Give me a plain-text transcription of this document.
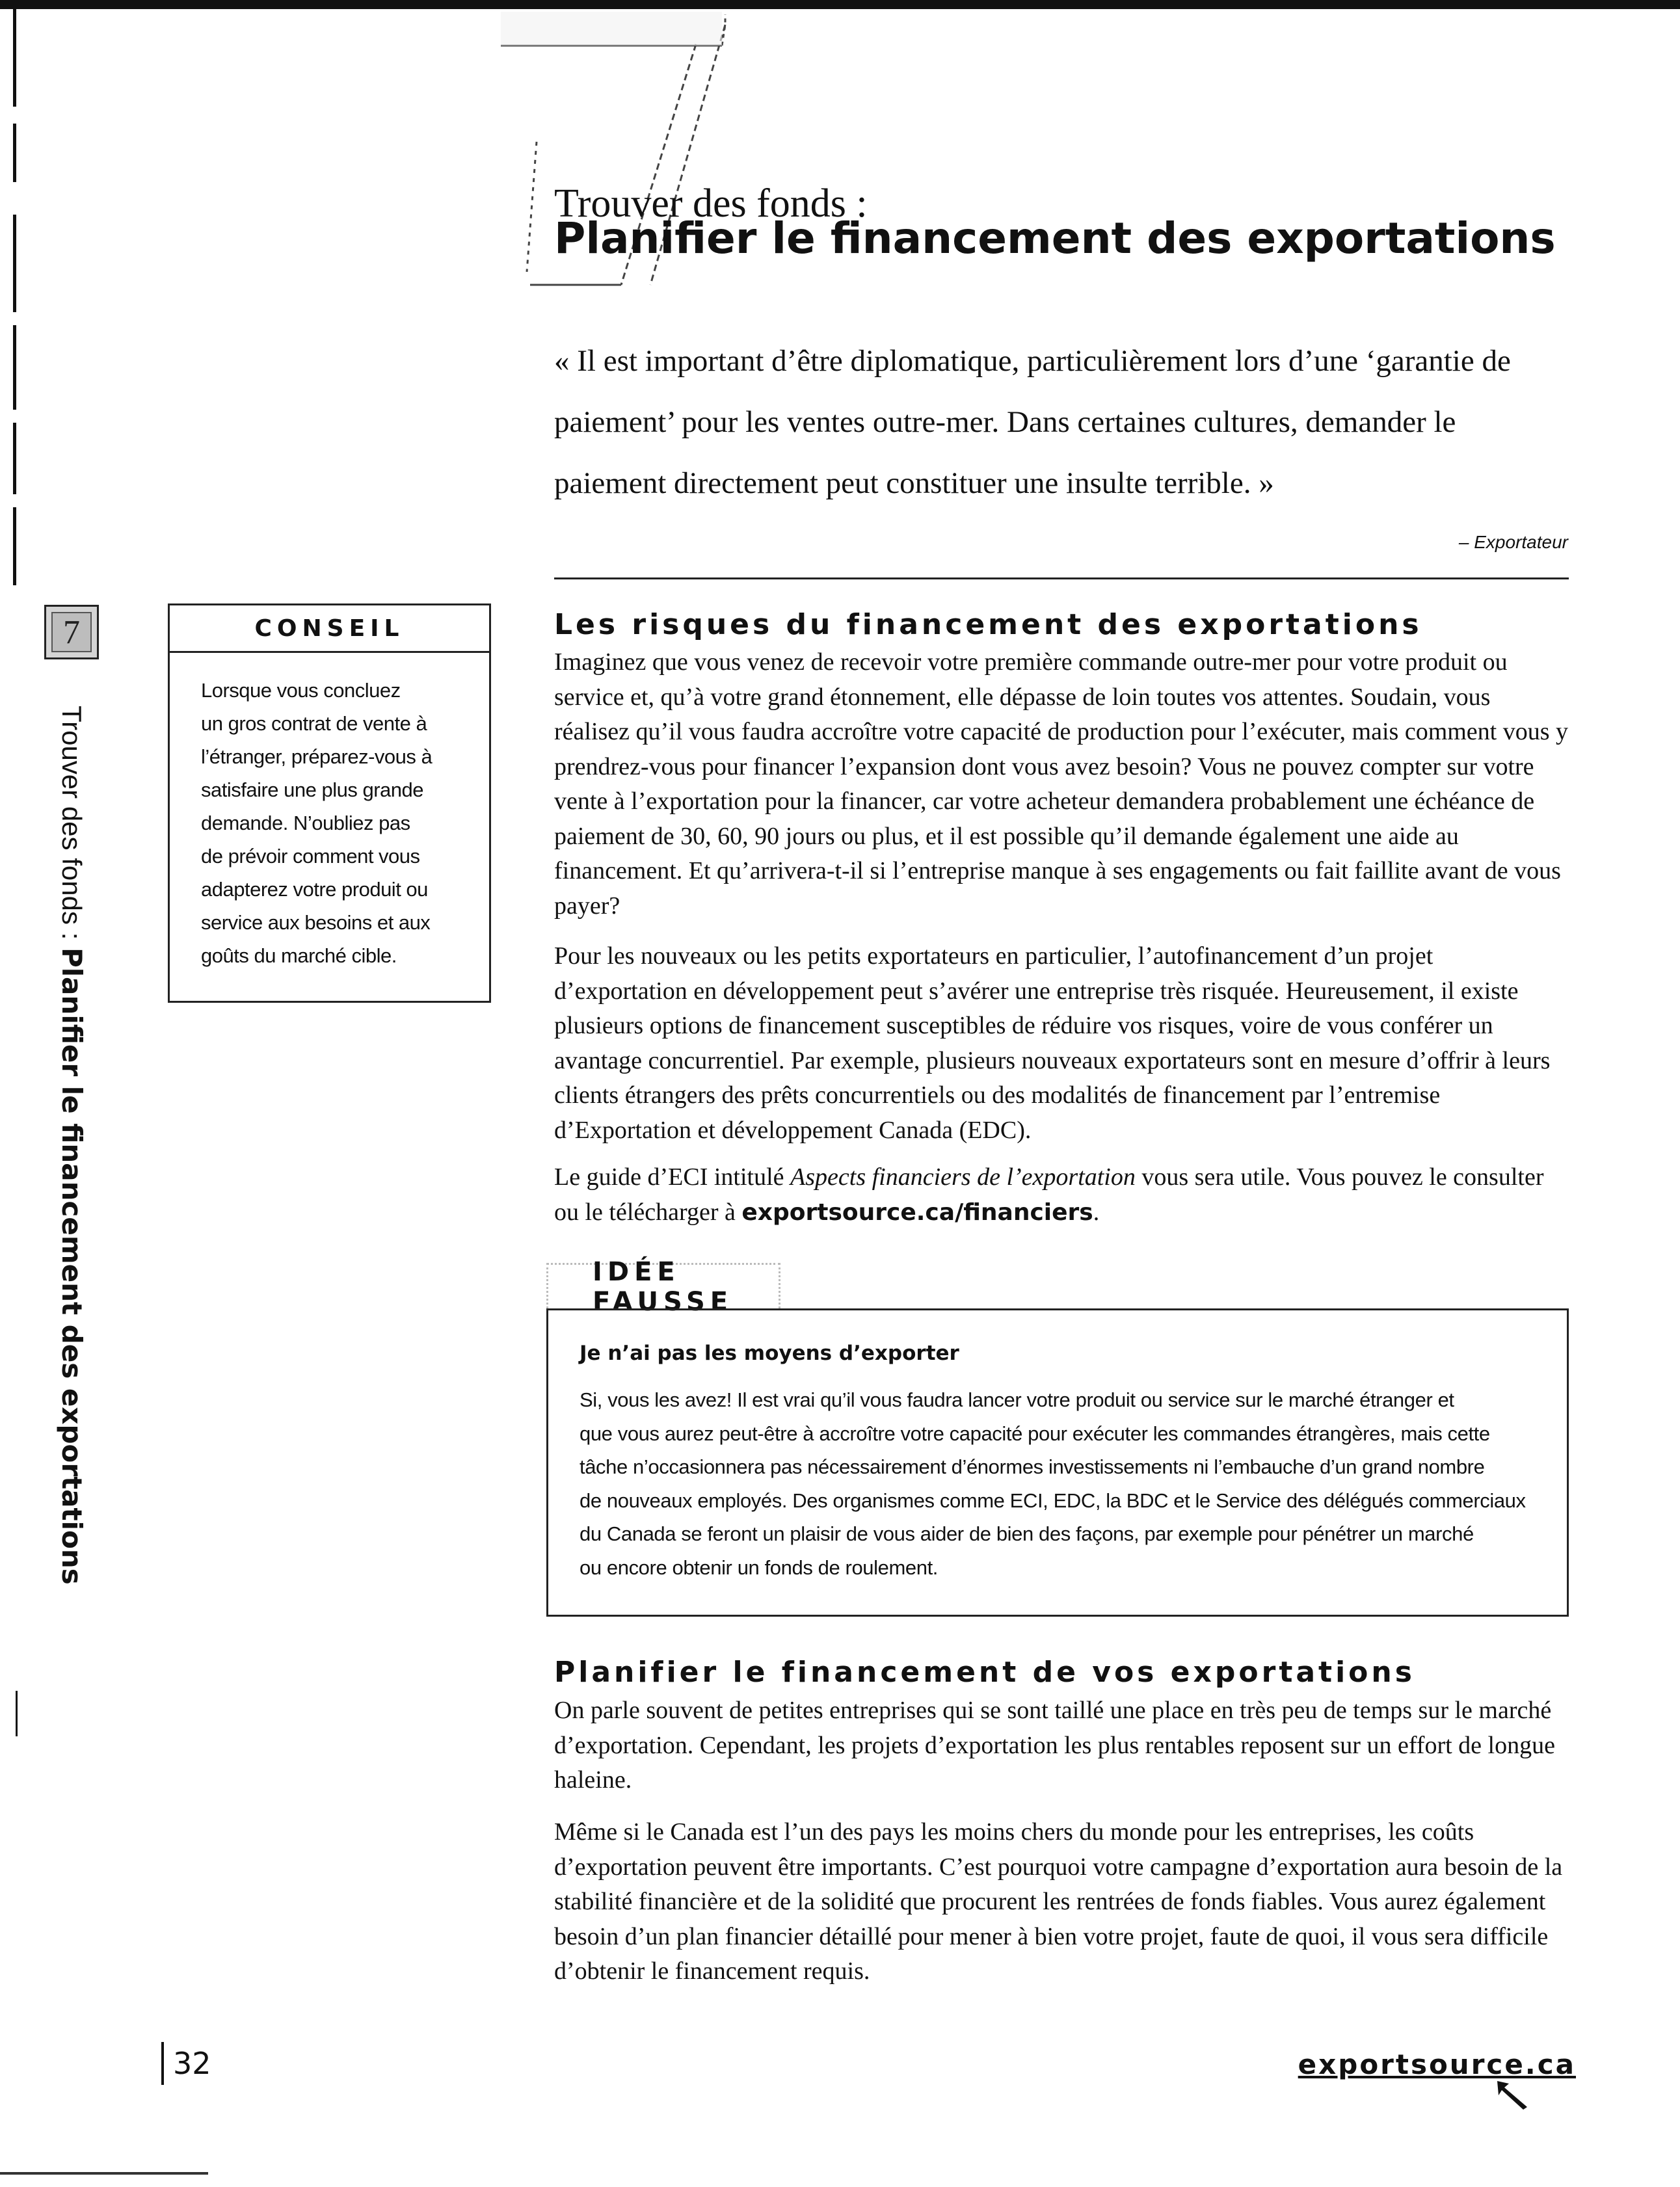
Trouver des fonds :
Planifier le financement des exportations
« Il est important d’être diplomatique, particulièrement lors d’une ‘garantie de paiement’ pour les ventes outre-mer. Dans certaines cultures, demander le paiement directement peut constituer une insulte terrible. »
– Exportateur
7
Trouver des fonds : Planifier le financement des exportations
CONSEIL
Lorsque vous concluez
un gros contrat de vente à
l’étranger, préparez-vous à
satisfaire une plus grande
demande. N’oubliez pas
de prévoir comment vous
adapterez votre produit ou
service aux besoins et aux
goûts du marché cible.
Les risques du financement des exportations
Imaginez que vous venez de recevoir votre première commande outre-mer pour votre produit ou service et, qu’à votre grand étonnement, elle dépasse de loin toutes vos attentes. Soudain, vous réalisez qu’il vous faudra accroître votre capacité de production pour l’exécuter, mais comment vous y prendrez-vous pour financer l’expansion dont vous avez besoin? Vous ne pouvez compter sur votre vente à l’exportation pour la financer, car votre acheteur demandera probablement une échéance de paiement de 30, 60, 90 jours ou plus, et il est possible qu’il demande également une aide au financement. Et qu’arrivera-t-il si l’entreprise manque à ses engagements ou fait faillite avant de vous payer?
Pour les nouveaux ou les petits exportateurs en particulier, l’autofinancement d’un projet d’exportation en développement peut s’avérer une entreprise très risquée. Heureusement, il existe plusieurs options de financement susceptibles de réduire vos risques, voire de vous conférer un avantage concurrentiel. Par exemple, plusieurs nouveaux exportateurs sont en mesure d’offrir à leurs clients étrangers des prêts concurrentiels ou des modalités de financement par l’entremise d’Exportation et développement Canada (EDC).
Le guide d’ECI intitulé Aspects financiers de l’exportation vous sera utile. Vous pouvez le consulter ou le télécharger à exportsource.ca/financiers.
IDÉE FAUSSE
Je n’ai pas les moyens d’exporter
Si, vous les avez! Il est vrai qu’il vous faudra lancer votre produit ou service sur le marché étranger et
que vous aurez peut-être à accroître votre capacité pour exécuter les commandes étrangères, mais cette
tâche n’occasionnera pas nécessairement d’énormes investissements ni l’embauche d’un grand nombre
de nouveaux employés. Des organismes comme ECI, EDC, la BDC et le Service des délégués commerciaux
du Canada se feront un plaisir de vous aider de bien des façons, par exemple pour pénétrer un marché
ou encore obtenir un fonds de roulement.
Planifier le financement de vos exportations
On parle souvent de petites entreprises qui se sont taillé une place en très peu de temps sur le marché d’exportation. Cependant, les projets d’exportation les plus rentables reposent sur un effort de longue haleine.
Même si le Canada est l’un des pays les moins chers du monde pour les entreprises, les coûts d’exportation peuvent être importants. C’est pourquoi votre campagne d’exportation aura besoin de la stabilité financière et de la solidité que procurent les rentrées de fonds fiables. Vous aurez également besoin d’un plan financier détaillé pour mener à bien votre projet, faute de quoi, il vous sera difficile d’obtenir le financement requis.
32	exportsource.ca
